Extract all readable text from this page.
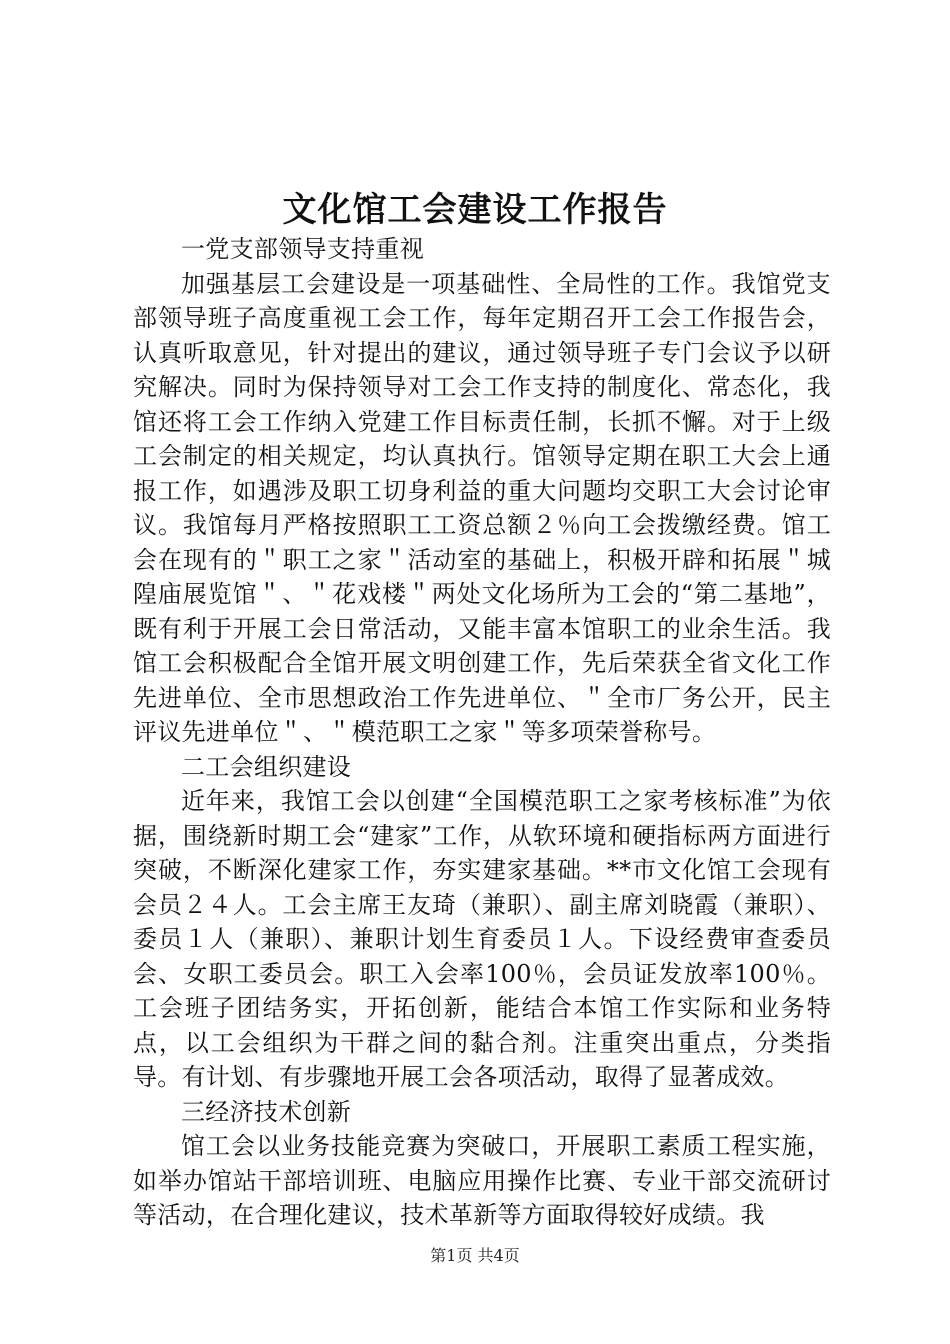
文化馆工会建设工作报告

一党支部领导支持重视

加强基层工会建设是一项基础性、全局性的工作。我馆党支部领导班子高度重视工会工作，每年定期召开工会工作报告会，认真听取意见，针对提出的建议，通过领导班子专门会议予以研究解决。同时为保持领导对工会工作支持的制度化、常态化，我馆还将工会工作纳入党建工作目标责任制，长抓不懈。对于上级工会制定的相关规定，均认真执行。馆领导定期在职工大会上通报工作，如遇涉及职工切身利益的重大问题均交职工大会讨论审议。我馆每月严格按照职工工资总额２％向工会拨缴经费。馆工会在现有的＂职工之家＂活动室的基础上，积极开辟和拓展＂城隍庙展览馆＂、＂花戏楼＂两处文化场所为工会的“第二基地”，既有利于开展工会日常活动，又能丰富本馆职工的业余生活。我馆工会积极配合全馆开展文明创建工作，先后荣获全省文化工作先进单位、全市思想政治工作先进单位、＂全市厂务公开，民主评议先进单位＂、＂模范职工之家＂等多项荣誉称号。

二工会组织建设

近年来，我馆工会以创建“全国模范职工之家考核标准”为依据，围绕新时期工会“建家”工作，从软环境和硬指标两方面进行突破，不断深化建家工作，夯实建家基础。**市文化馆工会现有会员２４人。工会主席王友琦（兼职）、副主席刘晓霞（兼职）、委员１人（兼职）、兼职计划生育委员１人。下设经费审查委员会、女职工委员会。职工入会率100％，会员证发放率100％。工会班子团结务实，开拓创新，能结合本馆工作实际和业务特点，以工会组织为干群之间的黏合剂。注重突出重点，分类指导。有计划、有步骤地开展工会各项活动，取得了显著成效。

三经济技术创新

馆工会以业务技能竞赛为突破口，开展职工素质工程实施，如举办馆站干部培训班、电脑应用操作比赛、专业干部交流研讨等活动，在合理化建议，技术革新等方面取得较好成绩。我

第1页 共4页
